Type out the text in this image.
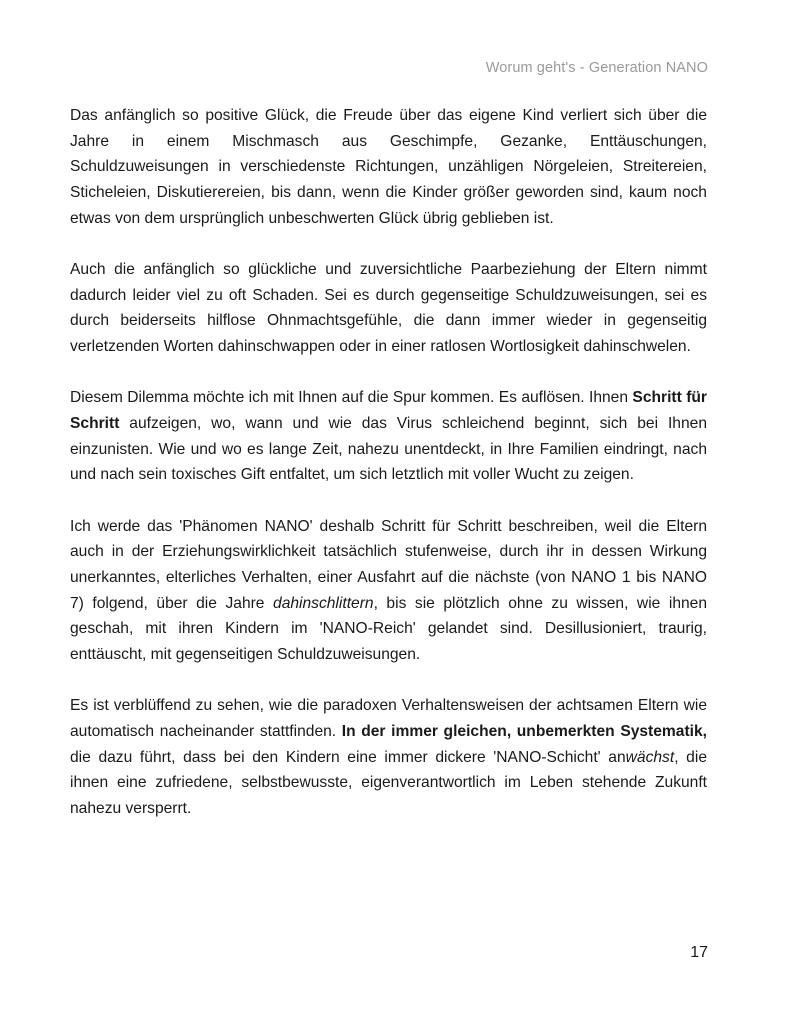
Worum geht's - Generation NANO

Das anfänglich so positive Glück, die Freude über das eigene Kind verliert sich über die Jahre in einem Mischmasch aus Geschimpfe, Gezanke, Enttäuschungen, Schuldzuweisungen in verschiedenste Richtungen, unzähligen Nörgeleien, Streitereien, Sticheleien, Diskutierereien, bis dann, wenn die Kinder größer geworden sind, kaum noch etwas von dem ursprünglich unbeschwerten Glück übrig geblieben ist.

Auch die anfänglich so glückliche und zuversichtliche Paarbeziehung der Eltern nimmt dadurch leider viel zu oft Schaden. Sei es durch gegenseitige Schuldzuweisungen, sei es durch beiderseits hilflose Ohnmachtsgefühle, die dann immer wieder in gegenseitig verletzenden Worten dahinschwappen oder in einer ratlosen Wortlosigkeit dahinschwelen.

Diesem Dilemma möchte ich mit Ihnen auf die Spur kommen. Es auflösen. Ihnen Schritt für Schritt aufzeigen, wo, wann und wie das Virus schleichend beginnt, sich bei Ihnen einzunisten. Wie und wo es lange Zeit, nahezu unentdeckt, in Ihre Familien eindringt, nach und nach sein toxisches Gift entfaltet, um sich letztlich mit voller Wucht zu zeigen.

Ich werde das 'Phänomen NANO' deshalb Schritt für Schritt beschreiben, weil die Eltern auch in der Erziehungswirklichkeit tatsächlich stufenweise, durch ihr in dessen Wirkung unerkanntes, elterliches Verhalten, einer Ausfahrt auf die nächste (von NANO 1 bis NANO 7) folgend, über die Jahre dahinschlittern, bis sie plötzlich ohne zu wissen, wie ihnen geschah, mit ihren Kindern im 'NANO-Reich' gelandet sind. Desillusioniert, traurig, enttäuscht, mit gegenseitigen Schuldzuweisungen.

Es ist verblüffend zu sehen, wie die paradoxen Verhaltensweisen der achtsamen Eltern wie automatisch nacheinander stattfinden. In der immer gleichen, unbemerkten Systematik, die dazu führt, dass bei den Kindern eine immer dickere 'NANO-Schicht' anwächst, die ihnen eine zufriedene, selbstbewusste, eigenverantwortlich im Leben stehende Zukunft nahezu versperrt.

17
